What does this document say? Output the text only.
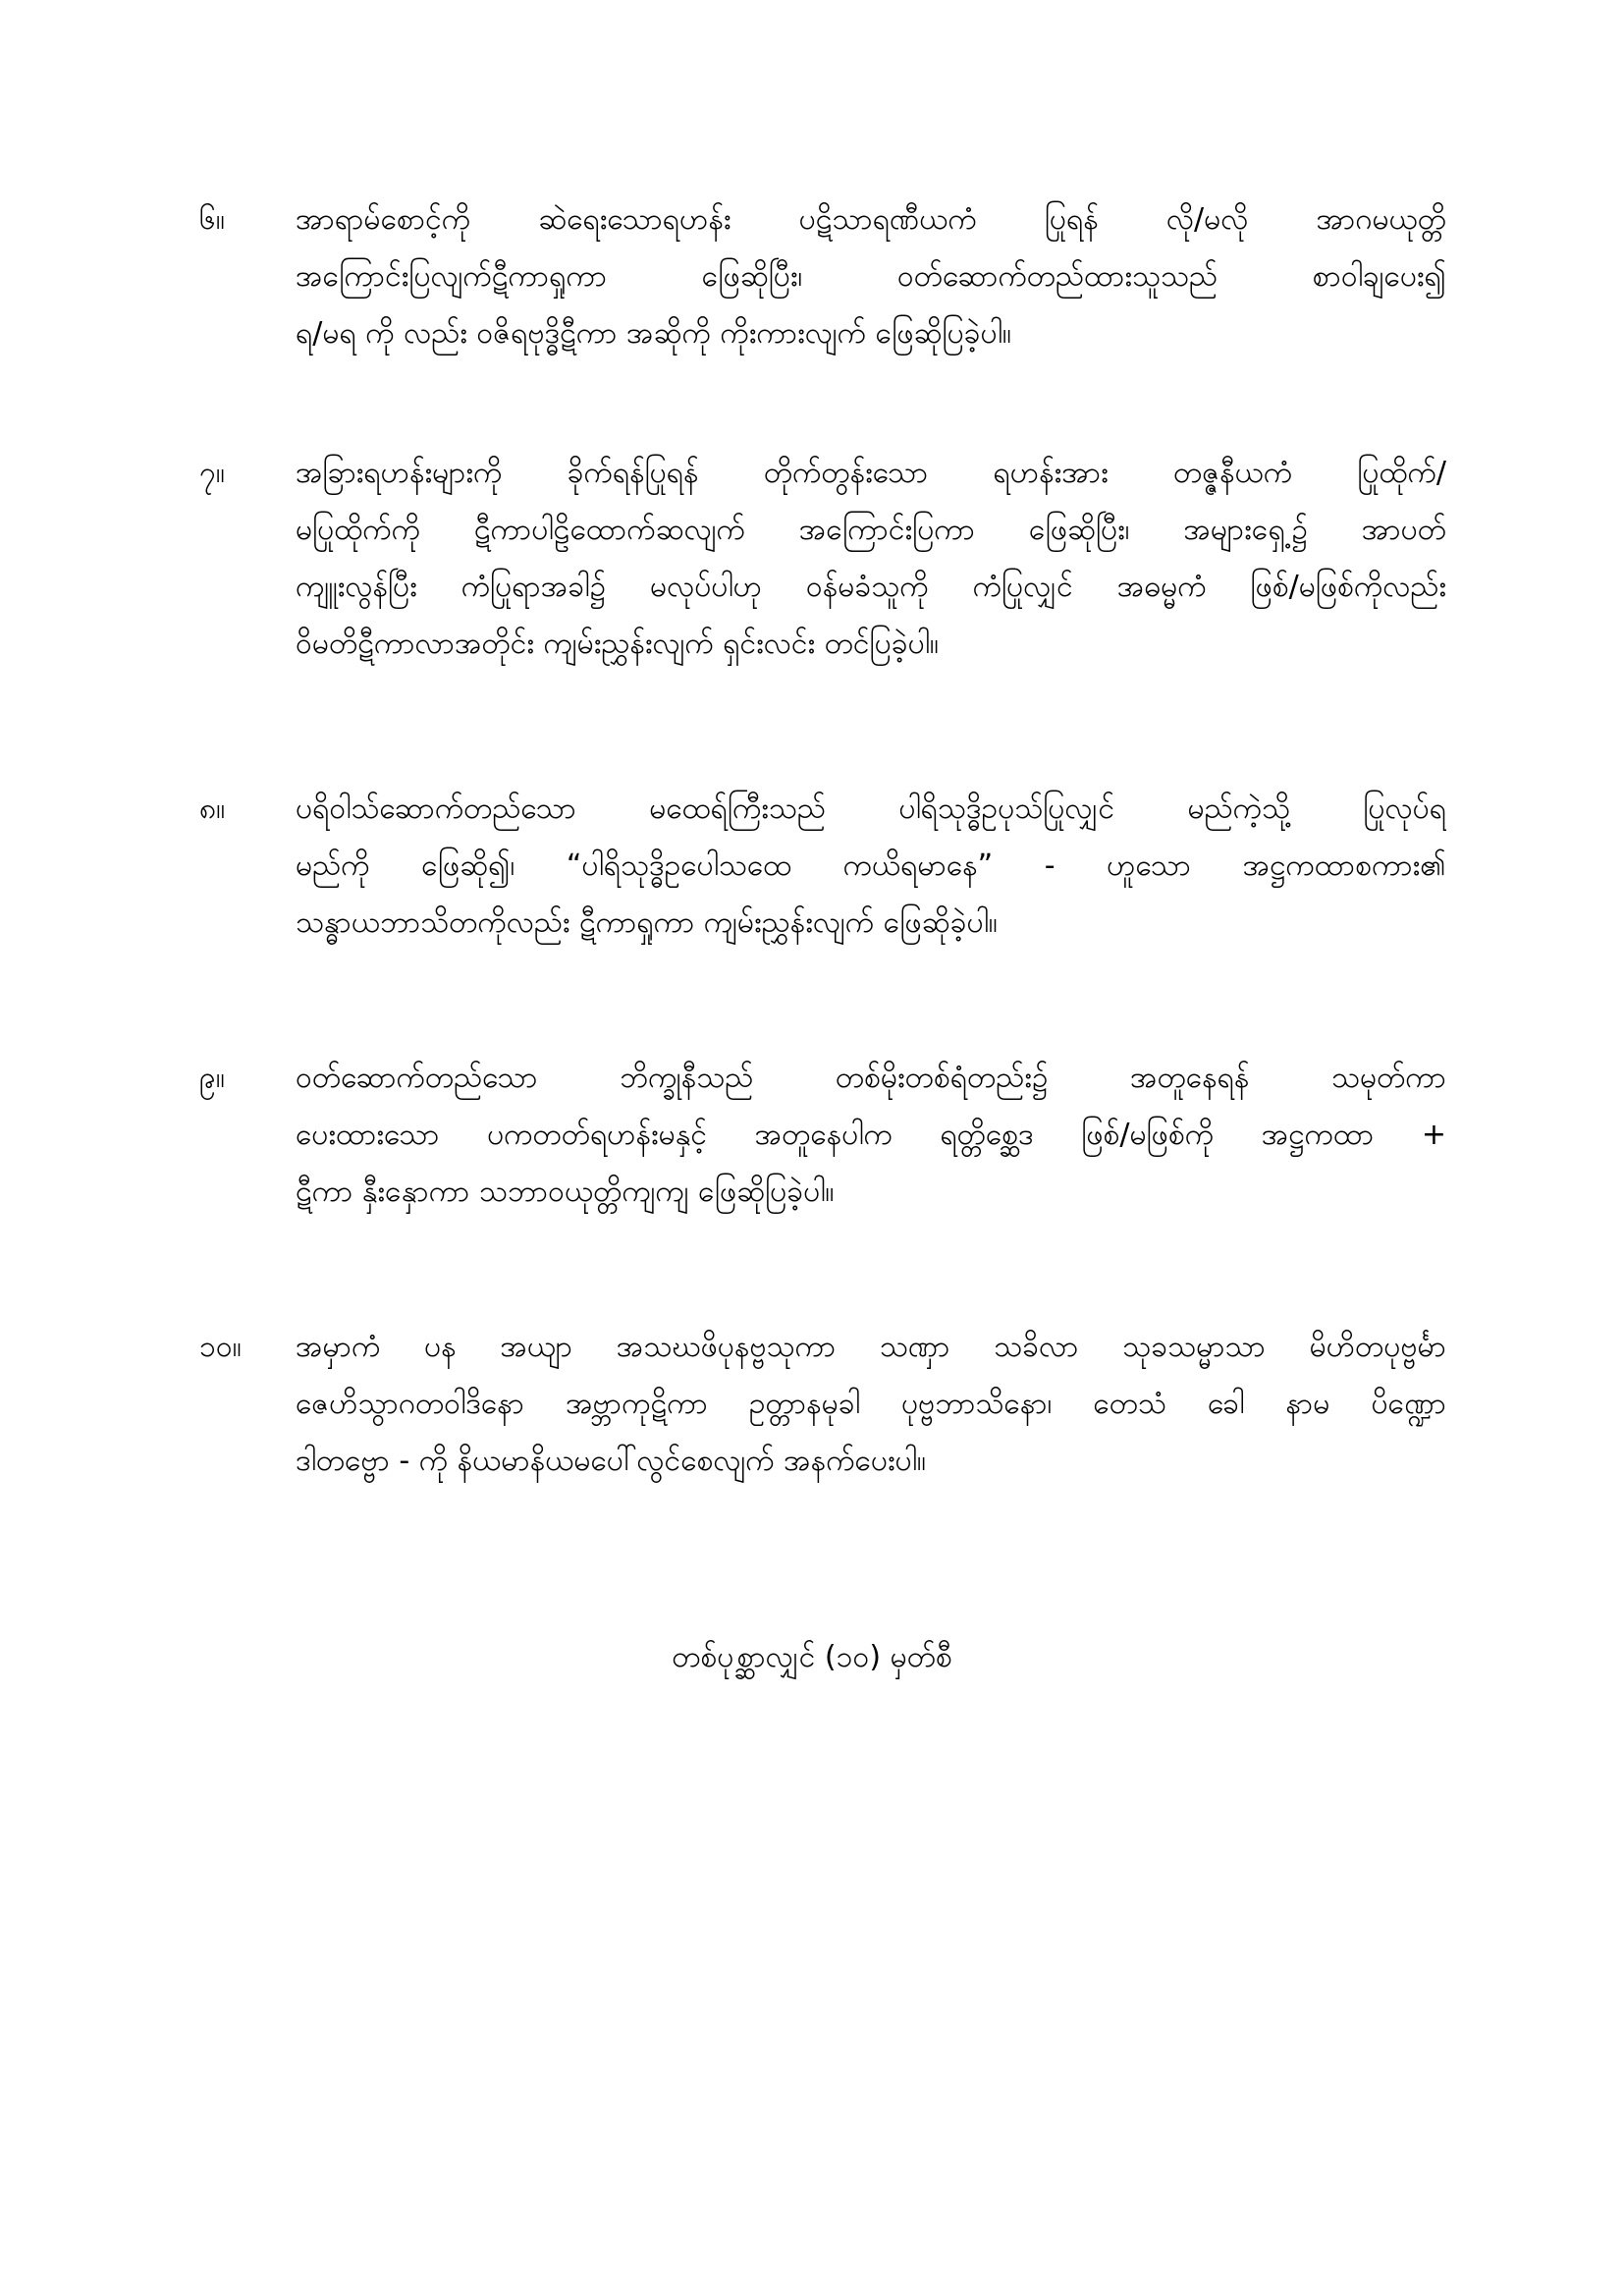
၆။	အာရာမ်စောင့်ကို ဆဲရေးသောရဟန်း ပဋိသာရဏီယကံ ပြုရန် လို/မလို အာဂမယုတ္တိ
အကြောင်းပြလျက်ဋီကာရှုကာ ဖြေဆိုပြီး၊ ၀တ်ဆောက်တည်ထားသူသည် စာ၀ါချပေး၍
ရ/မရ ကို လည်း ၀ဇိရဗုဒ္ဓိဋီကာ အဆိုကို ကိုးကားလျက် ဖြေဆိုပြခဲ့ပါ။
၇။	အခြားရဟန်းများကို ခိုက်ရန်ပြုရန် တိုက်တွန်းသော ရဟန်းအား တဇ္ဇနီယကံ ပြုထိုက်/
မပြုထိုက်ကို ဋီကာပါဠိထောက်ဆလျက် အကြောင်းပြကာ ဖြေဆိုပြီး၊ အများရှေ့၌ အာပတ်
ကျူးလွန်ပြီး ကံပြုရာအခါ၌ မလုပ်ပါဟု ၀န်မခံသူကို ကံပြုလျှင် အဓမ္မကံ ဖြစ်/မဖြစ်ကိုလည်း
ဝိမတိဋီကာလာအတိုင်း ကျမ်းညွှန်းလျက် ရှင်းလင်း တင်ပြခဲ့ပါ။
၈။	ပရိဝါသ်ဆောက်တည်သော မထေရ်ကြီးသည် ပါရိသုဒ္ဓိဥပုသ်ပြုလျှင် မည်ကဲ့သို့ ပြုလုပ်ရ
မည်ကို ဖြေဆို၍၊ “ပါရိသုဒ္ဓိဥပေါသထေ ကယိရမာနေ” - ဟူသော အဋ္ဌကထာစကား၏
သန္ဓာယဘာသိတကိုလည်း ဋီကာရှုကာ ကျမ်းညွှန်းလျက် ဖြေဆိုခဲ့ပါ။
၉။	၀တ်ဆောက်တည်သော ဘိက္ခုနီသည် တစ်မိုးတစ်ရံတည်း၌ အတူနေရန် သမုတ်ကာ
ပေးထားသော ပကတတ်ရဟန်းမနှင့် အတူနေပါက ရတ္တိစ္ဆေဒ ဖြစ်/မဖြစ်ကို အဋ္ဌကထာ +
ဋီကာ နှီးနှောကာ သဘာဝယုတ္တိကျကျ ဖြေဆိုပြခဲ့ပါ။
၁၀။	အမှာကံ ပန အယျာ အသဃဖိပုနဗ္ဗသုကာ သဏှာ သခိလာ သုခသမ္မာသာ မိဟိတပုဗ္ဗင်္မာ
ဇေဟိသွာဂတဝါဒိနော အဗ္ဘာကုဋိကာ ဥတ္တာနမုခါ ပုဗ္ဗဘာသိနော၊ တေသံ ခေါ နာမ ပိဏ္ဍော
ဒါတဗ္ဗော - ကို နိယမာနိယမပေါ်လွင်စေလျက် အနက်ပေးပါ။
တစ်ပုစ္ဆာလျှင် (၁၀) မှတ်စီ
